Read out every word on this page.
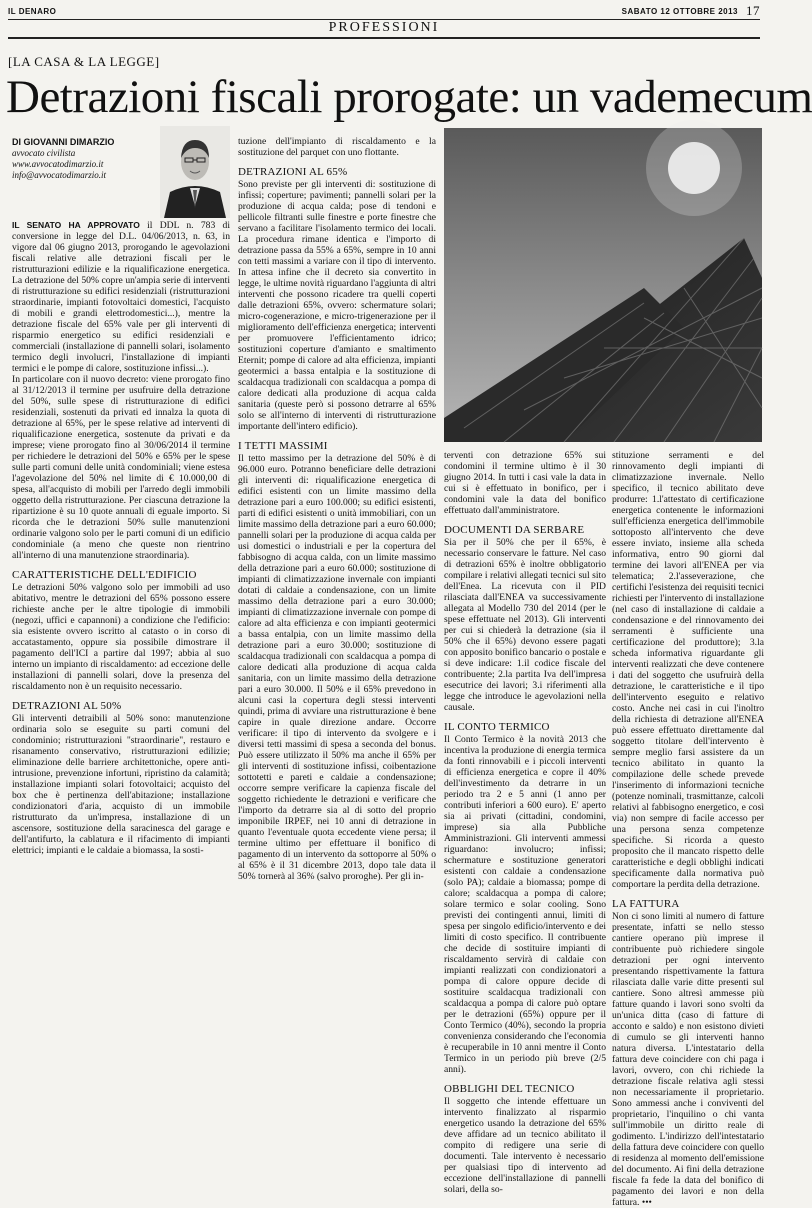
IL DENARO	SABATO 12 OTTOBRE 2013 17
PROFESSIONI
[LA CASA & LA LEGGE]
Detrazioni fiscali prorogate: un vademecum
DI GIOVANNI DIMARZIO
avvocato civilista
www.avvocatodimarzio.it
info@avvocatodimarzio.it

IL SENATO HA APPROVATO il DDL n. 783 di conversione in legge del D.L. 04/06/2013, n. 63, in vigore dal 06 giugno 2013, prorogando le agevolazioni fiscali relative alle detrazioni fiscali per le ristrutturazioni edilizie e la riqualificazione energetica. La detrazione del 50% copre un'ampia serie di interventi di ristrutturazione su edifici residenziali (ristrutturazioni straordinarie, impianti fotovoltaici domestici, l'acquisto di mobili e grandi elettrodomestici...), mentre la detrazione fiscale del 65% vale per gli interventi di risparmio energetico su edifici residenziali e commerciali (installazione di pannelli solari, isolamento termico degli involucri, l'installazione di impianti termici e le pompe di calore, sostituzione infissi...).

In particolare con il nuovo decreto: viene prorogato fino al 31/12/2013 il termine per usufruire della detrazione del 50%, sulle spese di ristrutturazione di edifici residenziali, sostenuti da privati ed innalza la quota di detrazione al 65%, per le spese relative ad interventi di riqualificazione energetica, sostenute da privati e da imprese; viene prorogato fino al 30/06/2014 il termine per richiedere le detrazioni del 50% e 65% per le spese sulle parti comuni delle unità condominiali; viene estesa l'agevolazione del 50% nel limite di € 10.000,00 di spesa, all'acquisto di mobili per l'arredo degli immobili oggetto della ristrutturazione. Per ciascuna detrazione la ripartizione è su 10 quote annuali di eguale importo. Si ricorda che le detrazioni 50% sulle manutenzioni ordinarie valgono solo per le parti comuni di un edificio condominiale (a meno che queste non rientrino all'interno di una manutenzione straordinaria).

CARATTERISTICHE DELL'EDIFICIO

Le detrazioni 50% valgono solo per immobili ad uso abitativo, mentre le detrazioni del 65% possono essere richieste anche per le altre tipologie di immobili (negozi, uffici e capannoni) a condizione che l'edificio: sia esistente ovvero iscritto al catasto o in corso di accatastamento, oppure sia possibile dimostrare il pagamento dell'ICI a partire dal 1997; abbia al suo interno un impianto di riscaldamento: ad eccezione delle installazioni di pannelli solari, dove la presenza del riscaldamento non è un requisito necessario.

DETRAZIONI AL 50%

Gli interventi detraibili al 50% sono: manutenzione ordinaria solo se eseguite su parti comuni del condominio; ristrutturazioni "straordinarie", restauro e risanamento conservativo, ristrutturazioni edilizie; eliminazione delle barriere architettoniche, opere anti-intrusione, prevenzione infortuni, ripristino da calamità; installazione impianti solari fotovoltaici; acquisto del box che è pertinenza dell'abitazione; installazione condizionatori d'aria, acquisto di un immobile ristrutturato da un'impresa, installazione di un ascensore, sostituzione della saracinesca del garage e dell'antifurto, la cablatura e il rifacimento di impianti elettrici; impianti e le caldaie a biomassa, la sosti-

tuzione dell'impianto di riscaldamento e la sostituzione del parquet con uno flottante.

DETRAZIONI AL 65%

Sono previste per gli interventi di: sostituzione di infissi; coperture; pavimenti; pannelli solari per la produzione di acqua calda; pose di tendoni e pellicole filtranti sulle finestre e porte finestre che servano a facilitare l'isolamento termico dei locali. La procedura rimane identica e l'importo di detrazione passa da 55% a 65%, sempre in 10 anni con tetti massimi a variare con il tipo di intervento. In attesa infine che il decreto sia convertito in legge, le ultime novità riguardano l'aggiunta di altri interventi che possono ricadere tra quelli coperti dalle detrazioni 65%, ovvero: schermature solari; micro-cogenerazione, e micro-trigenerazione per il miglioramento dell'efficienza energetica; interventi per promuovere l'efficientamento idrico; sostituzioni coperture d'amianto e smaltimento Eternit; pompe di calore ad alta efficienza, impianti geotermici a bassa entalpia e la sostituzione di scaldacqua tradizionali con scaldacqua a pompa di calore dedicati alla produzione di acqua calda sanitaria (queste però si possono detrarre al 65% solo se all'interno di interventi di ristrutturazione importante dell'intero edificio).

I TETTI MASSIMI

Il tetto massimo per la detrazione del 50% è di 96.000 euro. Potranno beneficiare delle detrazioni gli interventi di: riqualificazione energetica di edifici esistenti con un limite massimo della detrazione pari a euro 100.000; su edifici esistenti, parti di edifici esistenti o unità immobiliari, con un limite massimo della detrazione pari a euro 60.000; pannelli solari per la produzione di acqua calda per usi domestici o industriali e per la copertura del fabbisogno di acqua calda, con un limite massimo della detrazione pari a euro 60.000; sostituzione di impianti di climatizzazione invernale con impianti dotati di caldaie a condensazione, con un limite massimo della detrazione pari a euro 30.000; impianti di climatizzazione invernale con pompe di calore ad alta efficienza e con impianti geotermici a bassa entalpia, con un limite massimo della detrazione pari a euro 30.000; sostituzione di scaldacqua tradizionali con scaldacqua a pompa di calore dedicati alla produzione di acqua calda sanitaria, con un limite massimo della detrazione pari a euro 30.000. Il 50% e il 65% prevedono in alcuni casi la copertura degli stessi interventi quindi, prima di avviare una ristrutturazione è bene capire in quale direzione andare. Occorre verificare: il tipo di intervento da svolgere e i diversi tetti massimi di spesa a seconda del bonus. Può essere utilizzato il 50% ma anche il 65% per gli interventi di sostituzione infissi, coibentazione sottotetti e pareti e caldaie a condensazione; occorre sempre verificare la capienza fiscale del soggetto richiedente le detrazioni e verificare che l'importo da detrarre sia al di sotto del proprio imponibile IRPEF, nei 10 anni di detrazione in quanto l'eventuale quota eccedente viene persa; il termine ultimo per effettuare il bonifico di pagamento di un intervento da sottoporre al 50% o al 65% è il 31 dicembre 2013, dopo tale data il 50% tornerà al 36% (salvo proroghe). Per gli in-

terventi con detrazione 65% sui condomini il termine ultimo è il 30 giugno 2014. In tutti i casi vale la data in cui si è effettuato in bonifico, per i condomini vale la data del bonifico effettuato dall'amministratore.

DOCUMENTI DA SERBARE

Sia per il 50% che per il 65%, è necessario conservare le fatture. Nel caso di detrazioni 65% è inoltre obbligatorio compilare i relativi allegati tecnici sul sito dell'Enea. La ricevuta con il PID rilasciata dall'ENEA va successivamente allegata al Modello 730 del 2014 (per le spese effettuate nel 2013). Gli interventi per cui si chiederà la detrazione (sia il 50% che il 65%) devono essere pagati con apposito bonifico bancario o postale e si deve indicare: 1.il codice fiscale del contribuente; 2.la partita Iva dell'impresa esecutrice dei lavori; 3.i riferimenti alla legge che introduce le agevolazioni nella causale.

IL CONTO TERMICO

Il Conto Termico è la novità 2013 che incentiva la produzione di energia termica da fonti rinnovabili e i piccoli interventi di efficienza energetica e copre il 40% dell'investimento da detrarre in un periodo tra 2 e 5 anni (1 anno per contributi inferiori a 600 euro). E' aperto sia ai privati (cittadini, condomini, imprese) sia alla Pubbliche Amministrazioni. Gli interventi ammessi riguardano: involucro; infissi; schermature e sostituzione generatori esistenti con caldaie a condensazione (solo PA); caldaie a biomassa; pompe di calore; scaldacqua a pompa di calore; solare termico e solar cooling. Sono previsti dei contingenti annui, limiti di spesa per singolo edificio/intervento e dei limiti di costo specifico. Il contribuente che decide di sostituire impianti di riscaldamento servirà di caldaie con impianti realizzati con condizionatori a pompa di calore oppure decide di sostituire scaldacqua tradizionali con scaldacqua a pompa di calore può optare per le detrazioni (65%) oppure per il Conto Termico (40%), secondo la propria convenienza considerando che l'economia è recuperabile in 10 anni mentre il Conto Termico in un periodo più breve (2/5 anni).

OBBLIGHI DEL TECNICO

Il soggetto che intende effettuare un intervento finalizzato al risparmio energetico usando la detrazione del 65% deve affidare ad un tecnico abilitato il compito di redigere una serie di documenti. Tale intervento è necessario per qualsiasi tipo di intervento ad eccezione dell'installazione di pannelli solari, della so-

stituzione serramenti e del rinnovamento degli impianti di climatizzazione invernale. Nello specifico, il tecnico abilitato deve produrre: 1.l'attestato di certificazione energetica contenente le informazioni sull'efficienza energetica dell'immobile sottoposto all'intervento che deve essere inviato, insieme alla scheda informativa, entro 90 giorni dal termine dei lavori all'ENEA per via telematica; 2.l'asseverazione, che certifichi l'esistenza dei requisiti tecnici richiesti per l'intervento di installazione (nel caso di installazione di caldaie a condensazione e del rinnovamento dei serramenti è sufficiente una certificazione del produttore); 3.la scheda informativa riguardante gli interventi realizzati che deve contenere i dati del soggetto che usufruirà della detrazione, le caratteristiche e il tipo dell'intervento eseguito e relativo costo. Anche nei casi in cui l'inoltro della richiesta di detrazione all'ENEA può essere effettuato direttamente dal soggetto titolare dell'intervento è sempre meglio farsi assistere da un tecnico abilitato in quanto la compilazione delle schede prevede l'inserimento di informazioni tecniche (potenze nominali, trasmittanze, calcoli relativi al fabbisogno energetico, e così via) non sempre di facile accesso per una persona senza competenze specifiche. Si ricorda a questo proposito che il mancato rispetto delle caratteristiche e degli obblighi indicati specificamente dalla normativa può comportare la perdita della detrazione.

LA FATTURA

Non ci sono limiti al numero di fatture presentate, infatti se nello stesso cantiere operano più imprese il contribuente può richiedere singole detrazioni per ogni intervento presentando rispettivamente la fattura rilasciata dalle varie ditte presenti sul cantiere. Sono altresì ammesse più fatture quando i lavori sono svolti da un'unica ditta (caso di fatture di acconto e saldo) e non esistono divieti di cumulo se gli interventi hanno natura diversa. L'intestatario della fattura deve coincidere con chi paga i lavori, ovvero, con chi richiede la detrazione fiscale relativa agli stessi non necessariamente il proprietario. Sono ammessi anche i conviventi del proprietario, l'inquilino o chi vanta sull'immobile un diritto reale di godimento. L'indirizzo dell'intestatario della fattura deve coincidere con quello di residenza al momento dell'emissione del documento. Ai fini della detrazione fiscale fa fede la data del bonifico di pagamento dei lavori e non della fattura. •••
